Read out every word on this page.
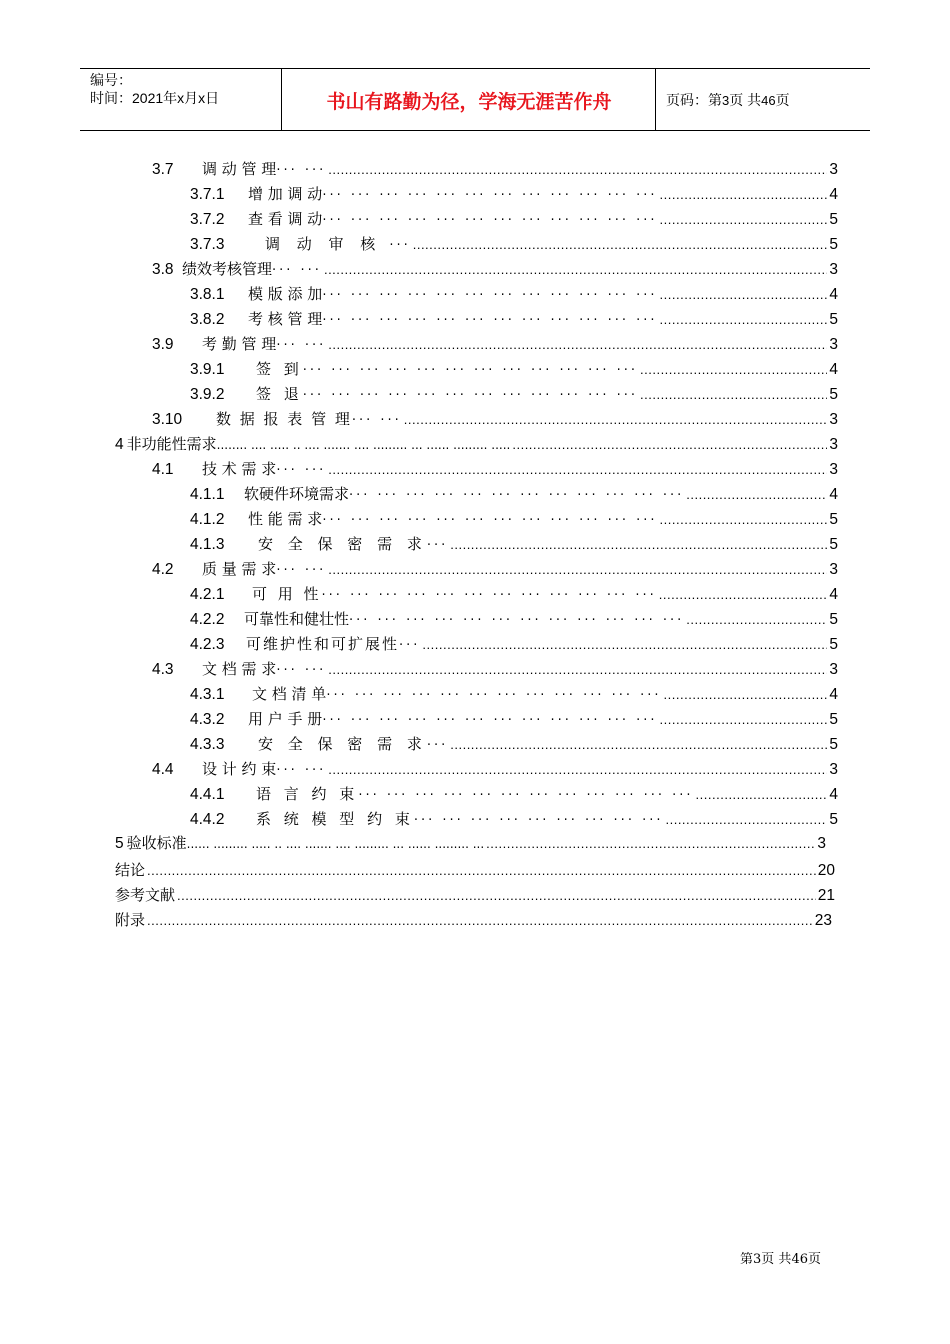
编号：
时间：2021年x月x日	书山有路勤为径，学海无涯苦作舟	页码：第3页 共46页
3.7	调 动 管 理 ··· ··· .....	3
3.7.1	增 加 调 动 ··· ··· ··· ··· ··· ··· ··· ··· ··· ··· ··· ··· .....	4
3.7.2	查 看 调 动 ··· ··· ··· ··· ··· ··· ··· ··· ··· ··· ··· ··· .....	5
3.7.3	调 动 审 核 ··· .....	5
3.8 绩效考核管理 ··· ··· .....	3
3.8.1	模 版 添 加 ··· ··· ··· ··· ··· ··· ··· ··· ··· ··· ··· ··· .....	4
3.8.2	考 核 管 理 ··· ··· ··· ··· ··· ··· ··· ··· ··· ··· ··· ··· .....	5
3.9	考 勤 管 理 ··· ··· .....	3
3.9.1	签 到 ··· ··· ··· ··· ··· ··· ··· ··· ··· ··· ··· ··· .....	4
3.9.2	签 退 ··· ··· ··· ··· ··· ··· ··· ··· ··· ··· ··· ··· .....	5
3.10	数 据 报 表 管 理 ··· ··· .....	3
4 非功能性需求 ........ .... ..... .. .... ....... .... ......... ... ...... ......... ..... .....	3
4.1	技 术 需 求 ··· ··· .....	3
4.1.1	软硬件环境需求 ··· ··· ··· ··· ··· ··· ··· ··· ··· ··· ··· ··· .....	4
4.1.2	性 能 需 求 ··· ··· ··· ··· ··· ··· ··· ··· ··· ··· ··· ··· .....	5
4.1.3	安 全 保 密 需 求 ··· .....	5
4.2	质 量 需 求 ··· ··· .....	3
4.2.1	可 用 性 ··· ··· ··· ··· ··· ··· ··· ··· ··· ··· ··· ··· .....	4
4.2.2	可靠性和健壮性 ··· ··· ··· ··· ··· ··· ··· ··· ··· ··· ··· ··· .....	5
4.2.3	可维护性和可扩展性 ··· .....	5
4.3	文 档 需 求 ··· ··· .....	3
4.3.1	文 档 清 单 ··· ··· ··· ··· ··· ··· ··· ··· ··· ··· ··· ··· .....	4
4.3.2	用 户 手 册 ··· ··· ··· ··· ··· ··· ··· ··· ··· ··· ··· ··· .....	5
4.3.3	安 全 保 密 需 求 ··· .....	5
4.4	设 计 约 束 ··· ··· .....	3
4.4.1	语 言 约 束 ··· ··· ··· ··· ··· ··· ··· ··· ··· ··· ··· ··· .....	4
4.4.2	系 统 模 型 约 束 ··· ··· ··· ··· ··· ··· ··· ··· ··· .....	5
5 验收标准 ...... ......... ..... .. .... ....... .... ......... ... ...... ......... ... .....	3
结论 .....	20
参考文献 .....	21
附录 .....	23
第3页 共46页
